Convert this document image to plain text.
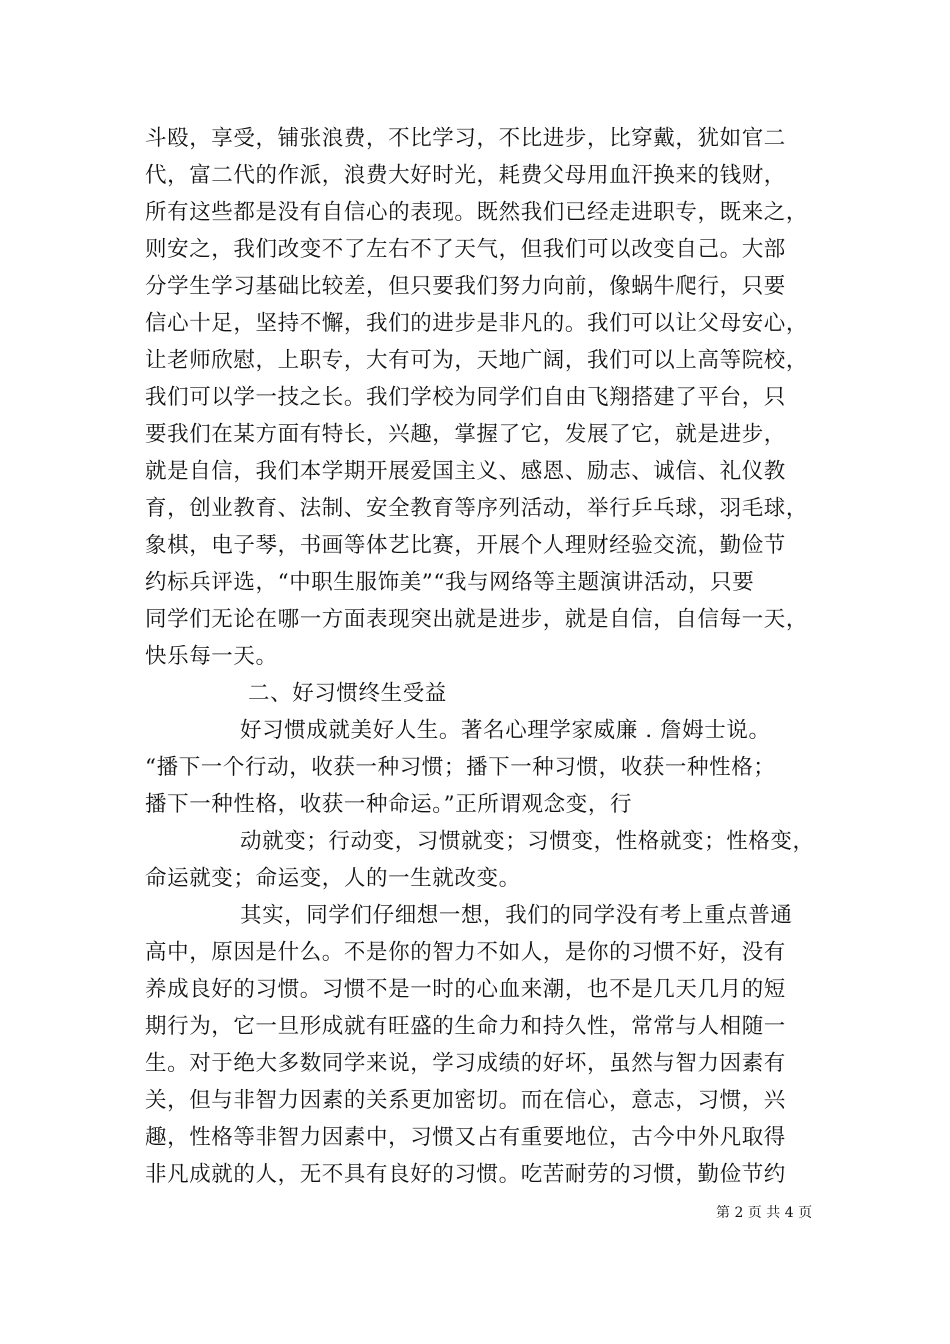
斗殴，享受，铺张浪费，不比学习，不比进步，比穿戴，犹如官二
代，富二代的作派，浪费大好时光，耗费父母用血汗换来的钱财，
所有这些都是没有自信心的表现。既然我们已经走进职专，既来之，
则安之，我们改变不了左右不了天气，但我们可以改变自己。大部
分学生学习基础比较差，但只要我们努力向前，像蜗牛爬行，只要
信心十足，坚持不懈，我们的进步是非凡的。我们可以让父母安心，
让老师欣慰，上职专，大有可为，天地广阔，我们可以上高等院校，
我们可以学一技之长。我们学校为同学们自由飞翔搭建了平台，只
要我们在某方面有特长，兴趣，掌握了它，发展了它，就是进步，
就是自信，我们本学期开展爱国主义、感恩、励志、诚信、礼仪教
育，创业教育、法制、安全教育等序列活动，举行乒乓球，羽毛球，
象棋，电子琴，书画等体艺比赛，开展个人理财经验交流，勤俭节
约标兵评选，“中职生服饰美”“我与网络等主题演讲活动，只要
同学们无论在哪一方面表现突出就是进步，就是自信，自信每一天，
快乐每一天。
二、好习惯终生受益
好习惯成就美好人生。著名心理学家威廉 . 詹姆士说。
“播下一个行动，收获一种习惯；播下一种习惯，收获一种性格；
播下一种性格，收获一种命运。”正所谓观念变，行
动就变；行动变，习惯就变；习惯变，性格就变；性格变，
命运就变；命运变，人的一生就改变。
其实，同学们仔细想一想，我们的同学没有考上重点普通
高中，原因是什么。不是你的智力不如人，是你的习惯不好，没有
养成良好的习惯。习惯不是一时的心血来潮，也不是几天几月的短
期行为，它一旦形成就有旺盛的生命力和持久性，常常与人相随一
生。对于绝大多数同学来说，学习成绩的好坏，虽然与智力因素有
关，但与非智力因素的关系更加密切。而在信心，意志，习惯，兴
趣，性格等非智力因素中，习惯又占有重要地位，古今中外凡取得
非凡成就的人，无不具有良好的习惯。吃苦耐劳的习惯，勤俭节约
第 2 页 共 4 页
